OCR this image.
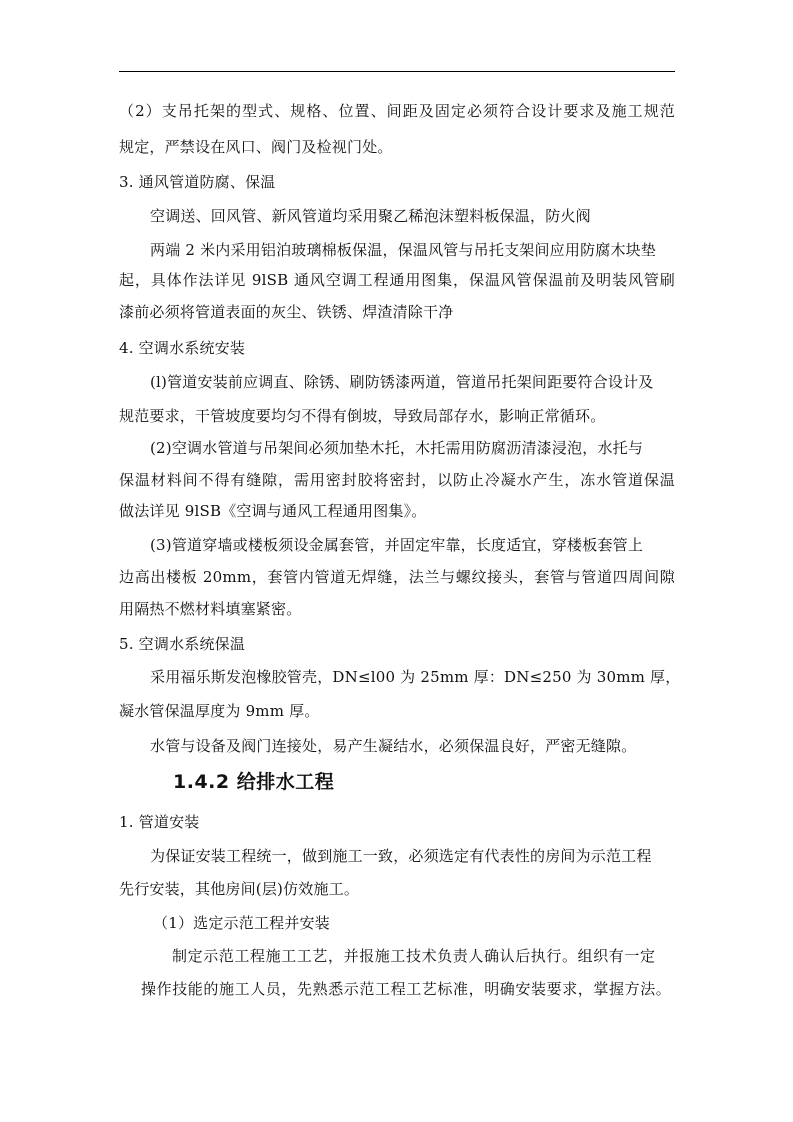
（2）支吊托架的型式、规格、位置、间距及固定必须符合设计要求及施工规范
规定，严禁设在风口、阀门及检视门处。
3. 通风管道防腐、保温
空调送、回风管、新风管道均采用聚乙稀泡沫塑料板保温，防火阀
两端 2 米内采用铝泊玻璃棉板保温，保温风管与吊托支架间应用防腐木块垫
起，具体作法详见 9lSB 通风空调工程通用图集，保温风管保温前及明装风管刷
漆前必须将管道表面的灰尘、铁锈、焊渣清除干净
4. 空调水系统安装
(l)管道安装前应调直、除锈、刷防锈漆两道，管道吊托架间距要符合设计及
规范要求，干管坡度要均匀不得有倒坡，导致局部存水，影响正常循环。
(2)空调水管道与吊架间必须加垫木托，木托需用防腐沥清漆浸泡，水托与
保温材料间不得有缝隙，需用密封胶将密封，以防止冷凝水产生，冻水管道保温
做法详见 9lSB《空调与通风工程通用图集》。
(3)管道穿墙或楼板须设金属套管，并固定牢靠，长度适宜，穿楼板套管上
边高出楼板 20mm，套管内管道无焊缝，法兰与螺纹接头，套管与管道四周间隙
用隔热不燃材料填塞紧密。
5. 空调水系统保温
采用福乐斯发泡橡胶管壳，DN≤l00 为 25mm 厚：DN≤250 为 30mm 厚，
凝水管保温厚度为 9mm 厚。
水管与设备及阀门连接处，易产生凝结水，必须保温良好，严密无缝隙。
1.4.2 给排水工程
1. 管道安装
为保证安装工程统一，做到施工一致，必须选定有代表性的房间为示范工程
先行安装，其他房间(层)仿效施工。
（1）选定示范工程并安装
制定示范工程施工工艺，并报施工技术负责人确认后执行。组织有一定
操作技能的施工人员，先熟悉示范工程工艺标准，明确安装要求，掌握方法。
